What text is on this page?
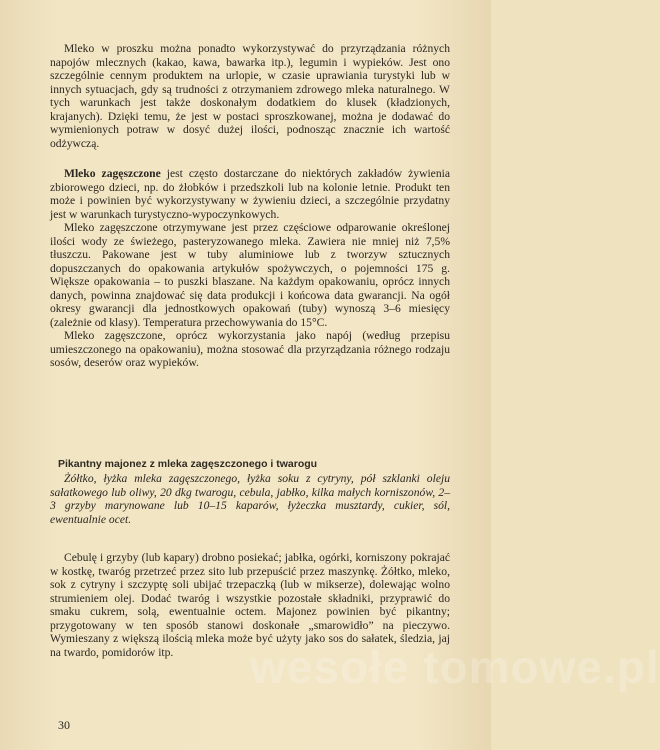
Mleko w proszku można ponadto wykorzystywać do przyrządzania różnych napojów mlecznych (kakao, kawa, bawarka itp.), legumin i wypieków. Jest ono szczególnie cennym produktem na urlopie, w czasie uprawiania turystyki lub w innych sytuacjach, gdy są trudności z otrzymaniem zdrowego mleka naturalnego. W tych warunkach jest także doskonałym dodatkiem do klusek (kładzionych, krajanych). Dzięki temu, że jest w postaci sproszkowanej, można je dodawać do wymienionych potraw w dosyć dużej ilości, podnosząc znacznie ich wartość odżywczą.

Mleko zagęszczone jest często dostarczane do niektórych zakładów żywienia zbiorowego dzieci, np. do żłobków i przedszkoli lub na kolonie letnie. Produkt ten może i powinien być wykorzystywany w żywieniu dzieci, a szczególnie przydatny jest w warunkach turystyczno-wypoczynkowych.

Mleko zagęszczone otrzymywane jest przez częściowe odparowanie określonej ilości wody ze świeżego, pasteryzowanego mleka. Zawiera nie mniej niż 7,5% tłuszczu. Pakowane jest w tuby aluminiowe lub z tworzyw sztucznych dopuszczanych do opakowania artykułów spożywczych, o pojemności 175 g. Większe opakowania – to puszki blaszane. Na każdym opakowaniu, oprócz innych danych, powinna znajdować się data produkcji i końcowa data gwarancji. Na ogół okresy gwarancji dla jednostkowych opakowań (tuby) wynoszą 3–6 miesięcy (zależnie od klasy). Temperatura przechowywania do 15°C.

Mleko zagęszczone, oprócz wykorzystania jako napój (według przepisu umieszczonego na opakowaniu), można stosować dla przyrządzania różnego rodzaju sosów, deserów oraz wypieków.

Pikantny majonez z mleka zagęszczonego i twarogu

Żółtko, łyżka mleka zagęszczonego, łyżka soku z cytryny, pół szklanki oleju sałatkowego lub oliwy, 20 dkg twarogu, cebula, jabłko, kilka małych korniszonów, 2–3 grzyby marynowane lub 10–15 kaparów, łyżeczka musztardy, cukier, sól, ewentualnie ocet.

Cebulę i grzyby (lub kapary) drobno posiekać; jabłka, ogórki, korniszony pokrajać w kostkę, twaróg przetrzeć przez sito lub przepuścić przez maszynkę. Żółtko, mleko, sok z cytryny i szczyptę soli ubijać trzepaczką (lub w mikserze), dolewając wolno strumieniem olej. Dodać twaróg i wszystkie pozostałe składniki, przyprawić do smaku cukrem, solą, ewentualnie octem. Majonez powinien być pikantny; przygotowany w ten sposób stanowi doskonałe „smarowidło” na pieczywo. Wymieszany z większą ilością mleka może być użyty jako sos do sałatek, śledzia, jaj na twardo, pomidorów itp.

30
wesołe tomowe.pl
